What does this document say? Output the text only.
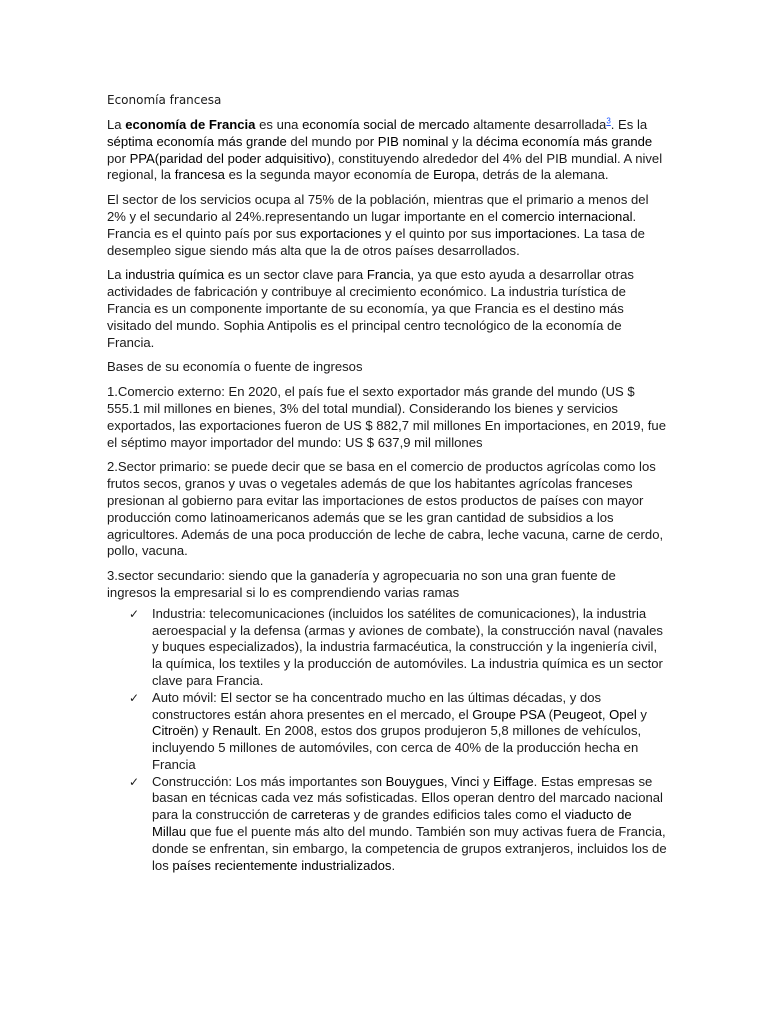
Economía francesa

La economía de Francia es una economía social de mercado altamente desarrollada$^3$. Es la séptima economía más grande del mundo por PIB nominal y la décima economía más grande por PPA(paridad del poder adquisitivo), constituyendo alrededor del 4% del PIB mundial. A nivel regional, la francesa es la segunda mayor economía de Europa, detrás de la alemana.

El sector de los servicios ocupa al 75% de la población, mientras que el primario a menos del 2% y el secundario al 24%.representando un lugar importante en el comercio internacional. Francia es el quinto país por sus exportaciones y el quinto por sus importaciones. La tasa de desempleo sigue siendo más alta que la de otros países desarrollados.

La industria química es un sector clave para Francia, ya que esto ayuda a desarrollar otras actividades de fabricación y contribuye al crecimiento económico. La industria turística de Francia es un componente importante de su economía, ya que Francia es el destino más visitado del mundo. Sophia Antipolis es el principal centro tecnológico de la economía de Francia.

Bases de su economía o fuente de ingresos

1.Comercio externo: En 2020, el país fue el sexto exportador más grande del mundo (US $ 555.1 mil millones en bienes, 3% del total mundial). Considerando los bienes y servicios exportados, las exportaciones fueron de US $ 882,7 mil millones En importaciones, en 2019, fue el séptimo mayor importador del mundo: US $ 637,9 mil millones

2.Sector primario: se puede decir que se basa en el comercio de productos agrícolas como los frutos secos, granos y uvas o vegetales además de que los habitantes agrícolas franceses presionan al gobierno para evitar las importaciones de estos productos de países con mayor producción como latinoamericanos además que se les gran cantidad de subsidios a los agricultores. Además de una poca producción de leche de cabra, leche vacuna, carne de cerdo, pollo, vacuna.

3.sector secundario: siendo que la ganadería y agropecuaria no son una gran fuente de ingresos la empresarial si lo es comprendiendo varias ramas

✓ Industria: telecomunicaciones (incluidos los satélites de comunicaciones), la industria aeroespacial y la defensa (armas y aviones de combate), la construcción naval (navales y buques especializados), la industria farmacéutica, la construcción y la ingeniería civil, la química, los textiles y la producción de automóviles. La industria química es un sector clave para Francia.
✓ Auto móvil: El sector se ha concentrado mucho en las últimas décadas, y dos constructores están ahora presentes en el mercado, el Groupe PSA (Peugeot, Opel y Citroën) y Renault. En 2008, estos dos grupos produjeron 5,8 millones de vehículos, incluyendo 5 millones de automóviles, con cerca de 40% de la producción hecha en Francia
✓ Construcción: Los más importantes son Bouygues, Vinci y Eiffage. Estas empresas se basan en técnicas cada vez más sofisticadas. Ellos operan dentro del marcado nacional para la construcción de carreteras y de grandes edificios tales como el viaducto de Millau que fue el puente más alto del mundo. También son muy activas fuera de Francia, donde se enfrentan, sin embargo, la competencia de grupos extranjeros, incluidos los de los países recientemente industrializados.
